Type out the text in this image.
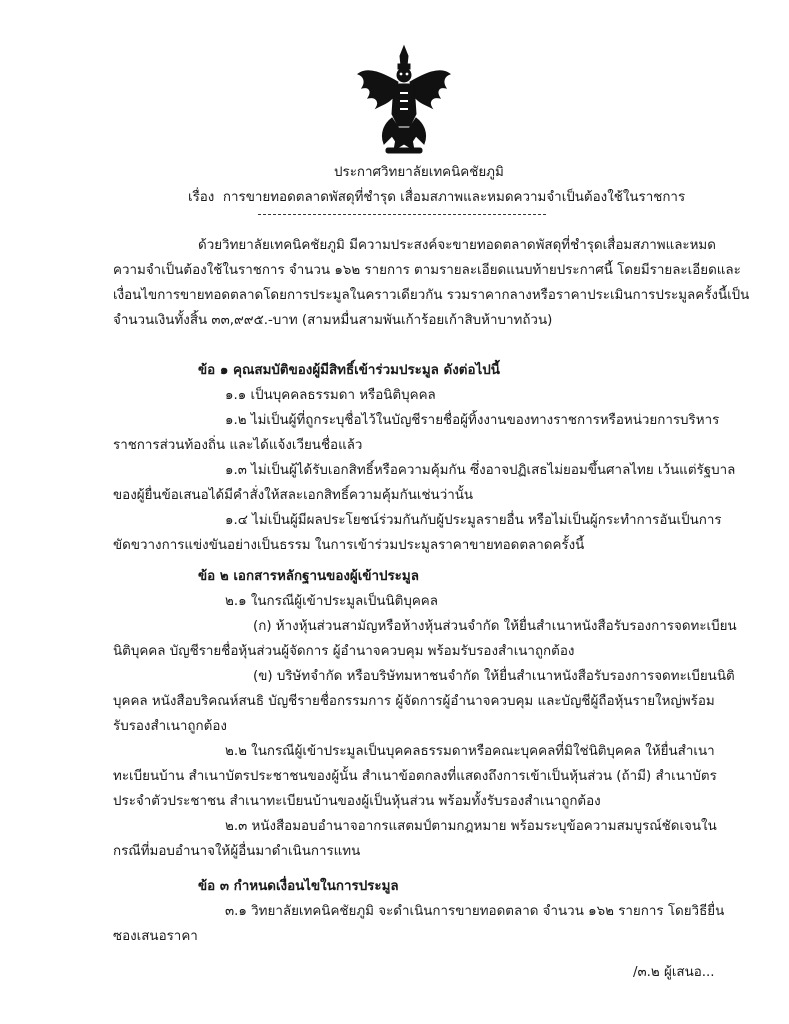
ประกาศวิทยาลัยเทคนิคชัยภูมิ
เรื่อง การขายทอดตลาดพัสดุที่ชำรุด เสื่อมสภาพและหมดความจำเป็นต้องใช้ในราชการ
ด้วยวิทยาลัยเทคนิคชัยภูมิ มีความประสงค์จะขายทอดตลาดพัสดุที่ชำรุดเสื่อมสภาพและหมด
ความจำเป็นต้องใช้ในราชการ จำนวน ๑๖๒ รายการ ตามรายละเอียดแนบท้ายประกาศนี้ โดยมีรายละเอียดและ
เงื่อนไขการขายทอดตลาดโดยการประมูลในคราวเดียวกัน รวมราคากลางหรือราคาประเมินการประมูลครั้งนี้เป็น
จำนวนเงินทั้งสิ้น ๓๓,๙๙๕.-บาท (สามหมื่นสามพันเก้าร้อยเก้าสิบห้าบาทถ้วน)
ข้อ ๑ คุณสมบัติของผู้มีสิทธิ์เข้าร่วมประมูล ดังต่อไปนี้
๑.๑ เป็นบุคคลธรรมดา หรือนิติบุคคล
๑.๒ ไม่เป็นผู้ที่ถูกระบุชื่อไว้ในบัญชีรายชื่อผู้ทิ้งงานของทางราชการหรือหน่วยการบริหาร
ราชการส่วนท้องถิ่น และได้แจ้งเวียนชื่อแล้ว
๑.๓ ไม่เป็นผู้ได้รับเอกสิทธิ์หรือความคุ้มกัน ซึ่งอาจปฏิเสธไม่ยอมขึ้นศาลไทย เว้นแต่รัฐบาล
ของผู้ยื่นข้อเสนอได้มีคำสั่งให้สละเอกสิทธิ์ความคุ้มกันเช่นว่านั้น
๑.๔ ไม่เป็นผู้มีผลประโยชน์ร่วมกันกับผู้ประมูลรายอื่น หรือไม่เป็นผู้กระทำการอันเป็นการ
ขัดขวางการแข่งขันอย่างเป็นธรรม ในการเข้าร่วมประมูลราคาขายทอดตลาดครั้งนี้
ข้อ ๒ เอกสารหลักฐานของผู้เข้าประมูล
๒.๑ ในกรณีผู้เข้าประมูลเป็นนิติบุคคล
(ก) ห้างหุ้นส่วนสามัญหรือห้างหุ้นส่วนจำกัด ให้ยื่นสำเนาหนังสือรับรองการจดทะเบียน
นิติบุคคล บัญชีรายชื่อหุ้นส่วนผู้จัดการ ผู้อำนาจควบคุม พร้อมรับรองสำเนาถูกต้อง
(ข) บริษัทจำกัด หรือบริษัทมหาชนจำกัด ให้ยื่นสำเนาหนังสือรับรองการจดทะเบียนนิติ
บุคคล หนังสือบริคณห์สนธิ บัญชีรายชื่อกรรมการ ผู้จัดการผู้อำนาจควบคุม และบัญชีผู้ถือหุ้นรายใหญ่พร้อม
รับรองสำเนาถูกต้อง
๒.๒ ในกรณีผู้เข้าประมูลเป็นบุคคลธรรมดาหรือคณะบุคคลที่มิใช่นิติบุคคล ให้ยื่นสำเนา
ทะเบียนบ้าน สำเนาบัตรประชาชนของผู้นั้น สำเนาข้อตกลงที่แสดงถึงการเข้าเป็นหุ้นส่วน (ถ้ามี) สำเนาบัตร
ประจำตัวประชาชน สำเนาทะเบียนบ้านของผู้เป็นหุ้นส่วน พร้อมทั้งรับรองสำเนาถูกต้อง
๒.๓ หนังสือมอบอำนาจอากรแสตมป์ตามกฎหมาย พร้อมระบุข้อความสมบูรณ์ชัดเจนใน
กรณีที่มอบอำนาจให้ผู้อื่นมาดำเนินการแทน
ข้อ ๓ กำหนดเงื่อนไขในการประมูล
๓.๑ วิทยาลัยเทคนิคชัยภูมิ จะดำเนินการขายทอดตลาด จำนวน ๑๖๒ รายการ โดยวิธียื่น
ซองเสนอราคา
/๓.๒ ผู้เสนอ...
